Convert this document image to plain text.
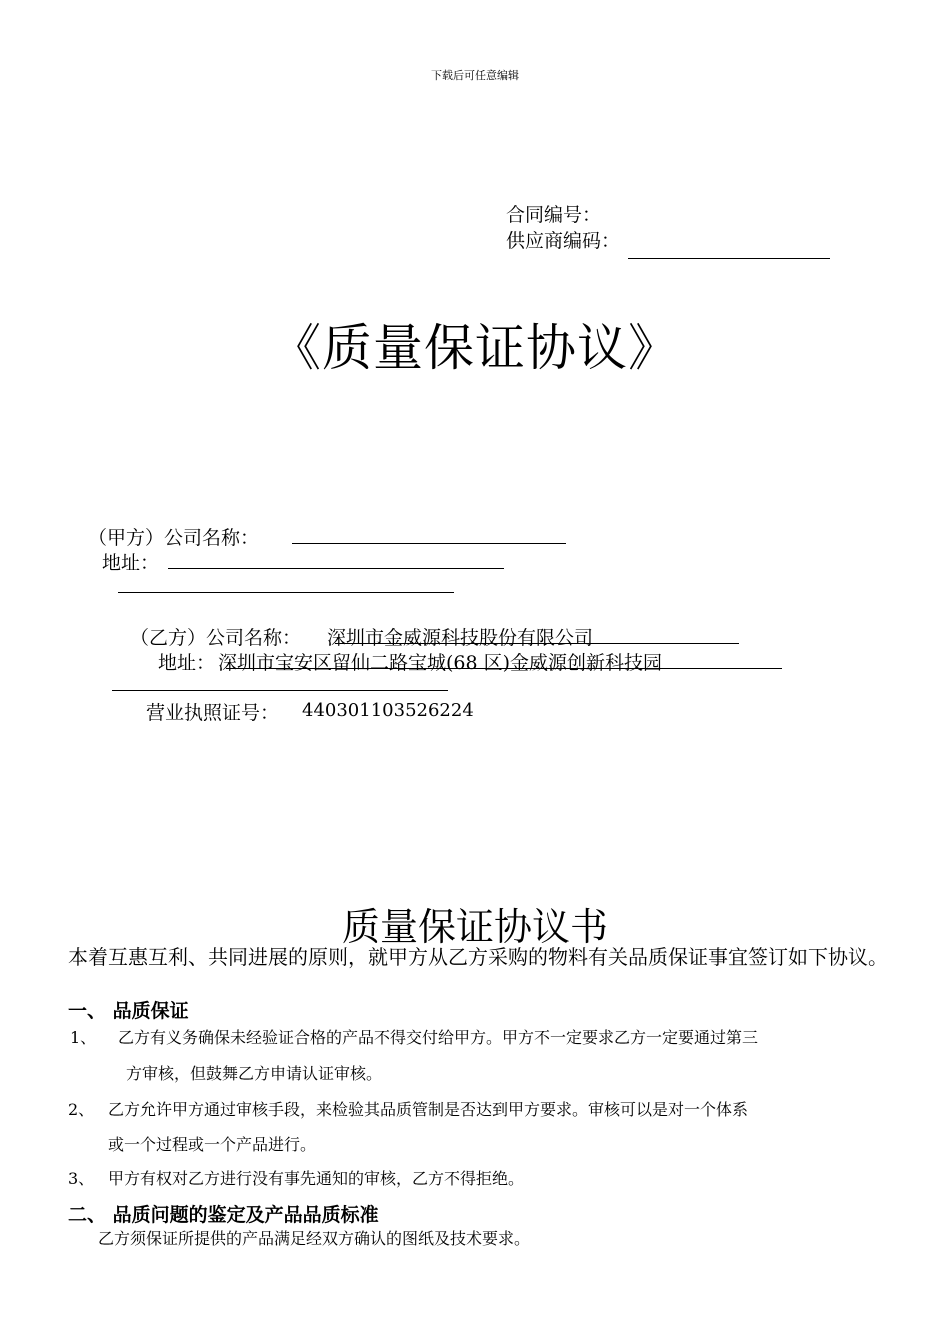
下载后可任意编辑
合同编号：
供应商编码：
《质量保证协议》
（甲方）公司名称：
地址：
（乙方）公司名称： 深圳市金威源科技股份有限公司
地址： 深圳市宝安区留仙二路宝城(68 区)金威源创新科技园
营业执照证号： 440301103526224
质量保证协议书
本着互惠互利、共同进展的原则，就甲方从乙方采购的物料有关品质保证事宜签订如下协议。
一、 品质保证
1、 乙方有义务确保未经验证合格的产品不得交付给甲方。甲方不一定要求乙方一定要通过第三
方审核，但鼓舞乙方申请认证审核。
2、 乙方允许甲方通过审核手段，来检验其品质管制是否达到甲方要求。审核可以是对一个体系
或一个过程或一个产品进行。
3、 甲方有权对乙方进行没有事先通知的审核，乙方不得拒绝。
二、 品质问题的鉴定及产品品质标准
乙方须保证所提供的产品满足经双方确认的图纸及技术要求。
